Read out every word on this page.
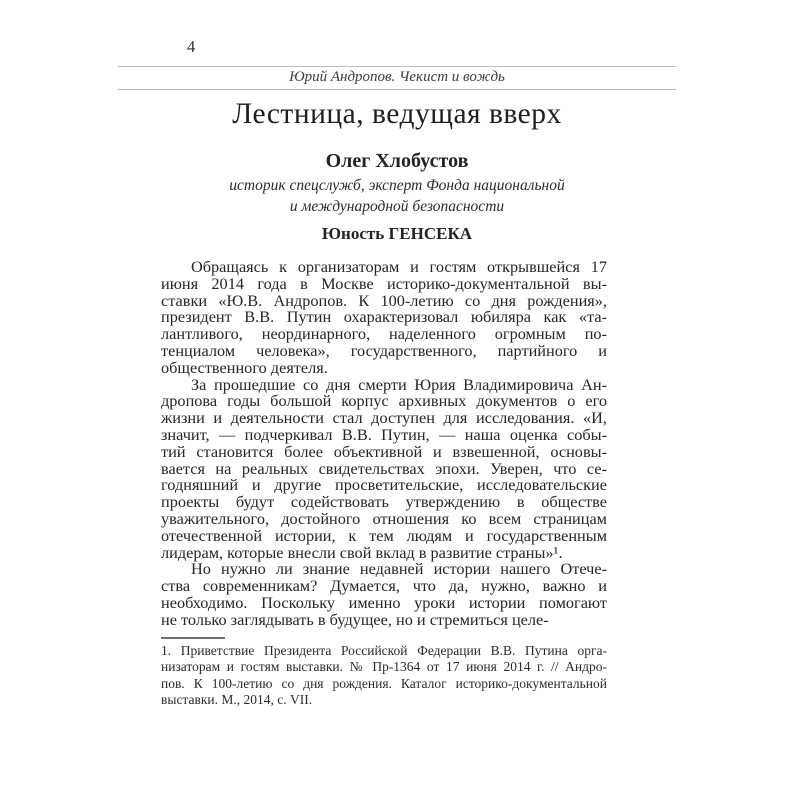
4
Юрий Андропов. Чекист и вождь
Лестница, ведущая вверх
Олег Хлобустов
историк спецслужб, эксперт Фонда национальной
и международной безопасности
Юность ГЕНСЕКА
Обращаясь к организаторам и гостям открывшейся 17
июня 2014 года в Москве историко-документальной вы-
ставки «Ю.В. Андропов. К 100-летию со дня рождения»,
президент В.В. Путин охарактеризовал юбиляра как «та-
лантливого, неординарного, наделенного огромным по-
тенциалом человека», государственного, партийного и
общественного деятеля.
За прошедшие со дня смерти Юрия Владимировича Ан-
дропова годы большой корпус архивных документов о его
жизни и деятельности стал доступен для исследования. «И,
значит, — подчеркивал В.В. Путин, — наша оценка собы-
тий становится более объективной и взвешенной, основы-
вается на реальных свидетельствах эпохи. Уверен, что се-
годняшний и другие просветительские, исследовательские
проекты будут содействовать утверждению в обществе
уважительного, достойного отношения ко всем страницам
отечественной истории, к тем людям и государственным
лидерам, которые внесли свой вклад в развитие страны»¹.
Но нужно ли знание недавней истории нашего Отече-
ства современникам? Думается, что да, нужно, важно и
необходимо. Поскольку именно уроки истории помогают
не только заглядывать в будущее, но и стремиться целе-
1. Приветствие Президента Российской Федерации В.В. Путина орга-
низаторам и гостям выставки. № Пр-1364 от 17 июня 2014 г. // Андро-
пов. К 100-летию со дня рождения. Каталог историко-документальной
выставки. М., 2014, с. VII.
